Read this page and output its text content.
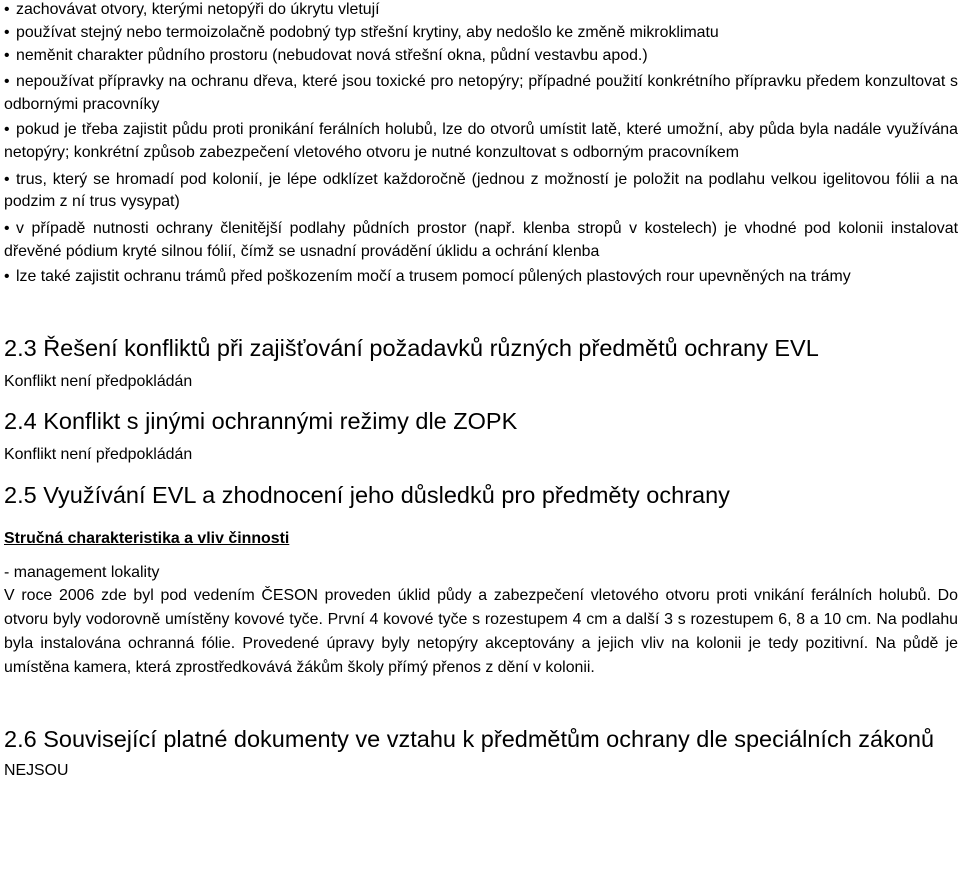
• zachovávat otvory, kterými netopýři do úkrytu vletují
• používat stejný nebo termoizolačně podobný typ střešní krytiny, aby nedošlo ke změně mikroklimatu
• neměnit charakter půdního prostoru (nebudovat nová střešní okna, půdní vestavbu apod.)
• nepoužívat přípravky na ochranu dřeva, které jsou toxické pro netopýry; případné použití konkrétního přípravku předem konzultovat s odbornými pracovníky
• pokud je třeba zajistit půdu proti pronikání ferálních holubů, lze do otvorů umístit latě, které umožní, aby půda byla nadále využívána netopýry; konkrétní způsob zabezpečení vletového otvoru je nutné konzultovat s odborným pracovníkem
• trus, který se hromadí pod kolonií, je lépe odklízet každoročně (jednou z možností je položit na podlahu velkou igelitovou fólii a na podzim z ní trus vysypat)
• v případě nutnosti ochrany členitější podlahy půdních prostor (např. klenba stropů v kostelech) je vhodné pod kolonii instalovat dřevěné pódium kryté silnou fólií, čímž se usnadní provádění úklidu a ochrání klenba
• lze také zajistit ochranu trámů před poškozením močí a trusem pomocí půlených plastových rour upevněných na trámy
2.3 Řešení konfliktů při zajišťování požadavků různých předmětů ochrany EVL

Konflikt není předpokládán

2.4 Konflikt s jinými ochrannými režimy dle ZOPK

Konflikt není předpokládán

2.5 Využívání EVL a zhodnocení jeho důsledků pro předměty ochrany

Stručná charakteristika a vliv činnosti

- management lokality

V roce 2006 zde byl pod vedením ČESON proveden úklid půdy a zabezpečení vletového otvoru proti vnikání ferálních holubů. Do otvoru byly vodorovně umístěny kovové tyče. První 4 kovové tyče s rozestupem 4 cm a další 3 s rozestupem 6, 8 a 10 cm. Na podlahu byla instalována ochranná fólie. Provedené úpravy byly netopýry akceptovány a jejich vliv na kolonii je tedy pozitivní. Na půdě je umístěna kamera, která zprostředkovává žákům školy přímý přenos z dění v kolonii.

2.6 Související platné dokumenty ve vztahu k předmětům ochrany dle speciálních zákonů

NEJSOU
